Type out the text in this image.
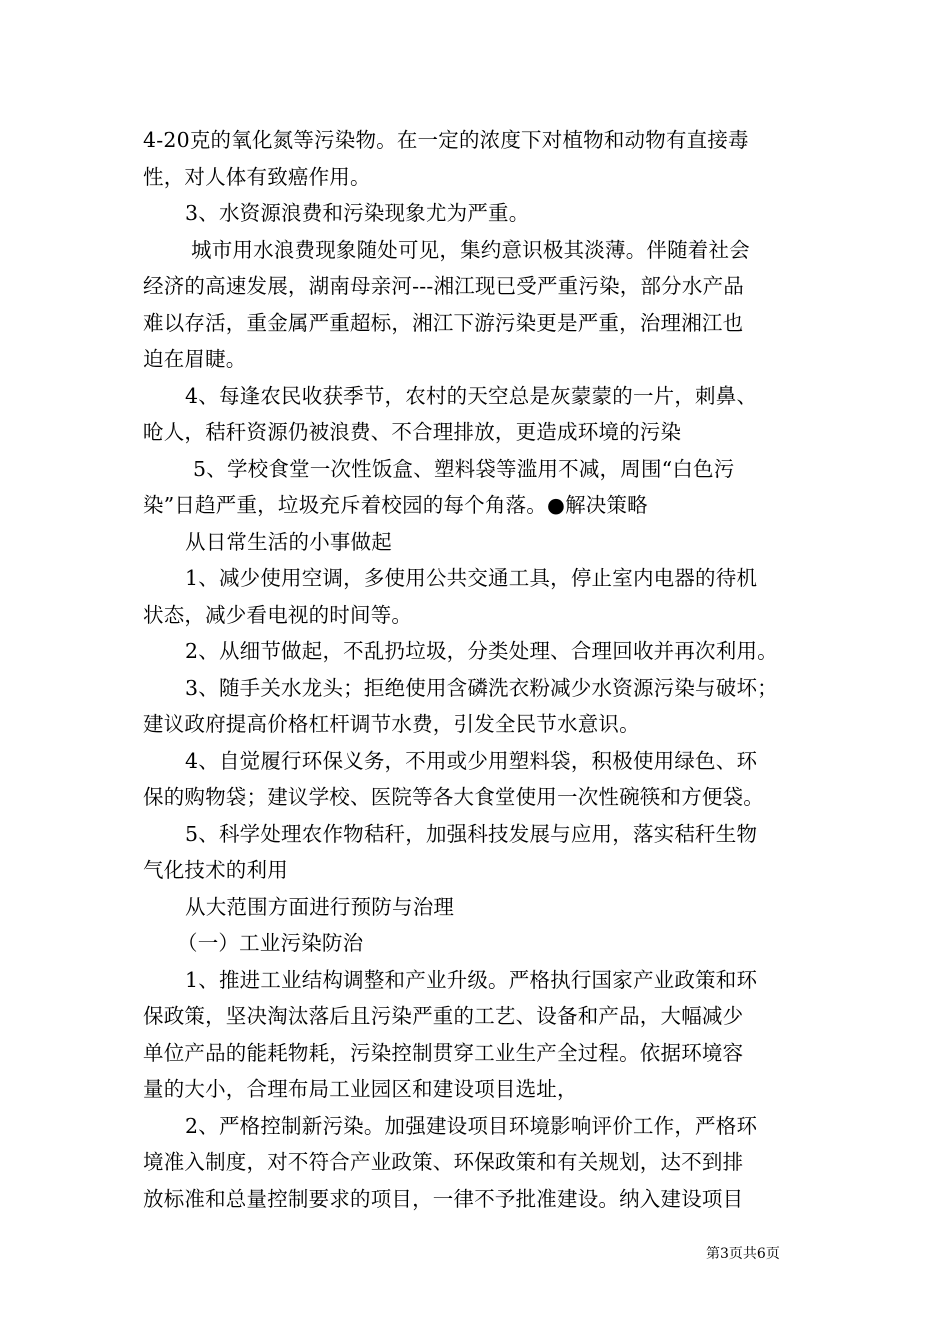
4-20克的氧化氮等污染物。在一定的浓度下对植物和动物有直接毒
性，对人体有致癌作用。
3、水资源浪费和污染现象尤为严重。
城市用水浪费现象随处可见，集约意识极其淡薄。伴随着社会
经济的高速发展，湖南母亲河---湘江现已受严重污染，部分水产品
难以存活，重金属严重超标，湘江下游污染更是严重，治理湘江也
迫在眉睫。
4、每逢农民收获季节，农村的天空总是灰蒙蒙的一片，刺鼻、
呛人，秸秆资源仍被浪费、不合理排放，更造成环境的污染
5、学校食堂一次性饭盒、塑料袋等滥用不减，周围“白色污
染”日趋严重，垃圾充斥着校园的每个角落。●解决策略
从日常生活的小事做起
1、减少使用空调，多使用公共交通工具，停止室内电器的待机
状态，减少看电视的时间等。
2、从细节做起，不乱扔垃圾，分类处理、合理回收并再次利用。
3、随手关水龙头；拒绝使用含磷洗衣粉减少水资源污染与破坏；
建议政府提高价格杠杆调节水费，引发全民节水意识。
4、自觉履行环保义务，不用或少用塑料袋，积极使用绿色、环
保的购物袋；建议学校、医院等各大食堂使用一次性碗筷和方便袋。
5、科学处理农作物秸秆，加强科技发展与应用，落实秸秆生物
气化技术的利用
从大范围方面进行预防与治理
（一）工业污染防治
1、推进工业结构调整和产业升级。严格执行国家产业政策和环
保政策，坚决淘汰落后且污染严重的工艺、设备和产品，大幅减少
单位产品的能耗物耗，污染控制贯穿工业生产全过程。依据环境容
量的大小，合理布局工业园区和建设项目选址，
2、严格控制新污染。加强建设项目环境影响评价工作，严格环
境准入制度，对不符合产业政策、环保政策和有关规划，达不到排
放标准和总量控制要求的项目，一律不予批准建设。纳入建设项目
第3页共6页
